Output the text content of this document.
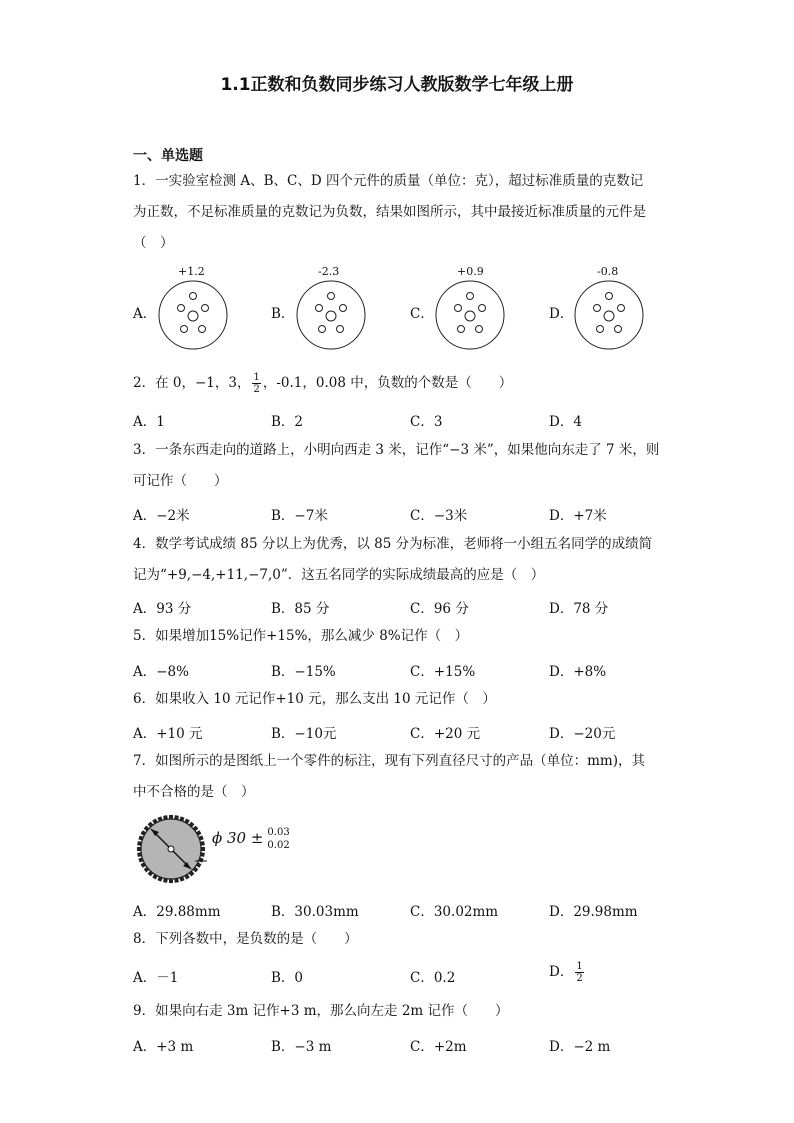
1.1正数和负数同步练习人教版数学七年级上册
一、单选题
1．一实验室检测 A、B、C、D 四个元件的质量（单位：克），超过标准质量的克数记
为正数，不足标准质量的克数记为负数，结果如图所示，其中最接近标准质量的元件是
（　）
A．
+1.2
B．
-2.3
C．
+0.9
D．
-0.8
2．在 0，−1，3， $\frac{1}{2}$ ，-0.1，0.08 中，负数的个数是（　　）
A．1	B．2	C．3	D．4
3．一条东西走向的道路上，小明向西走 3 米，记作“−3 米”，如果他向东走了 7 米，则
可记作（　　）
A．−2米	B．−7米	C．−3米	D．+7米
4．数学考试成绩 85 分以上为优秀，以 85 分为标准，老师将一小组五名同学的成绩简
记为“+9,−4,+11,−7,0”．这五名同学的实际成绩最高的应是（　）
A．93 分	B．85 分	C．96 分	D．78 分
5．如果增加15%记作+15%，那么减少 8%记作（　）
A．−8%	B．−15%	C．+15%	D．+8%
6．如果收入 10 元记作+10 元，那么支出 10 元记作（　）
A．+10 元	B．−10元	C．+20 元	D．−20元
7．如图所示的是图纸上一个零件的标注，现有下列直径尺寸的产品（单位：mm)，其
中不合格的是（　）
ϕ 30 ± 0.03
0.02
A．29.88mm	B．30.03mm	C．30.02mm	D．29.98mm
8．下列各数中，是负数的是（　　）
A．－1	B．0	C．0.2	D． $\frac{1}{2}$
9．如果向右走 3m 记作+3 m，那么向左走 2m 记作（　　）
A．+3 m	B．−3 m	C．+2m	D．−2 m
